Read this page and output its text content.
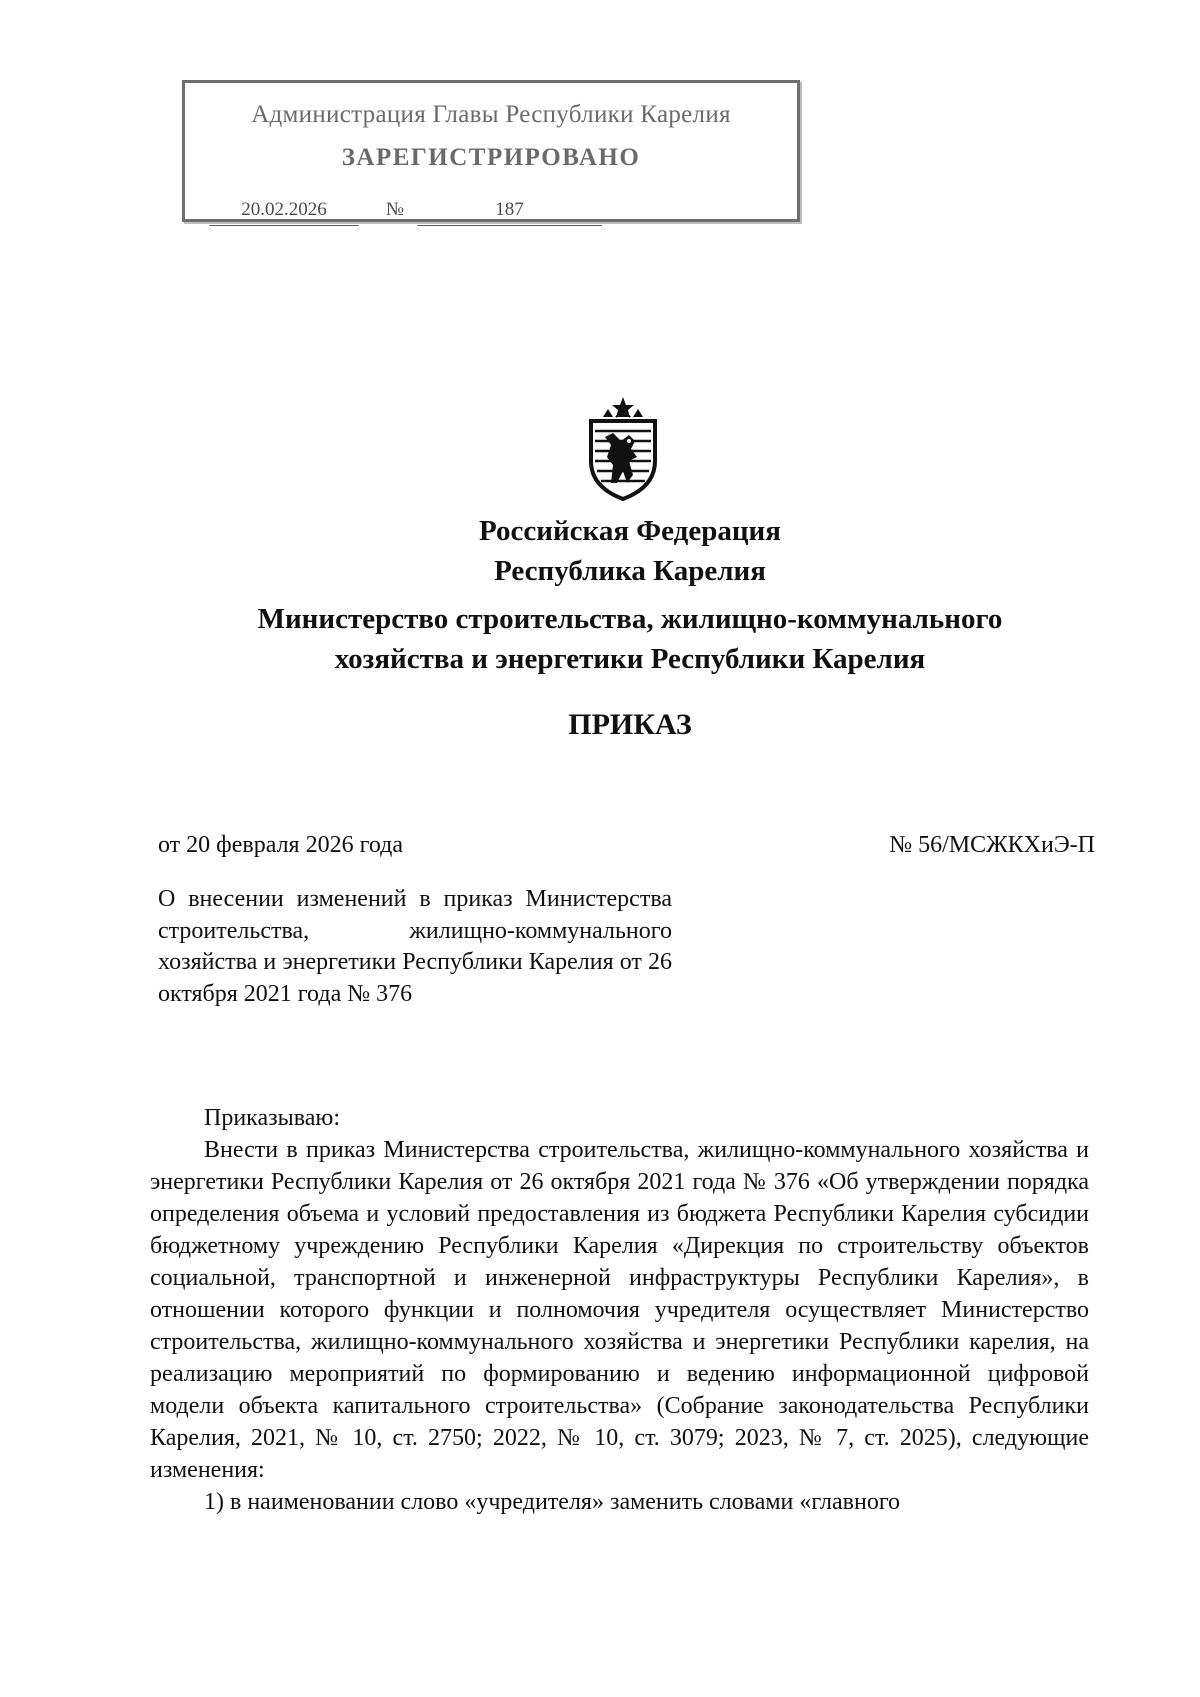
Администрация Главы Республики Карелия
ЗАРЕГИСТРИРОВАНО
20.02.2026	№	187
Российская Федерация
Республика Карелия
Министерство строительства, жилищно-коммунального
хозяйства и энергетики Республики Карелия
ПРИКАЗ
от 20 февраля 2026 года	№ 56/МСЖКХиЭ-П
О внесении изменений в приказ Министерства строительства, жилищно-коммунального хозяйства и энергетики Республики Карелия от 26 октября 2021 года № 376

Приказываю:

Внести в приказ Министерства строительства, жилищно-коммунального хозяйства и энергетики Республики Карелия от 26 октября 2021 года № 376 «Об утверждении порядка определения объема и условий предоставления из бюджета Республики Карелия субсидии бюджетному учреждению Республики Карелия «Дирекция по строительству объектов социальной, транспортной и инженерной инфраструктуры Республики Карелия», в отношении которого функции и полномочия учредителя осуществляет Министерство строительства, жилищно-коммунального хозяйства и энергетики Республики карелия, на реализацию мероприятий по формированию и ведению информационной цифровой модели объекта капитального строительства» (Собрание законодательства Республики Карелия, 2021, № 10, ст. 2750; 2022, № 10, ст. 3079; 2023, № 7, ст. 2025), следующие изменения:

1) в наименовании слово «учредителя» заменить словами «главного
